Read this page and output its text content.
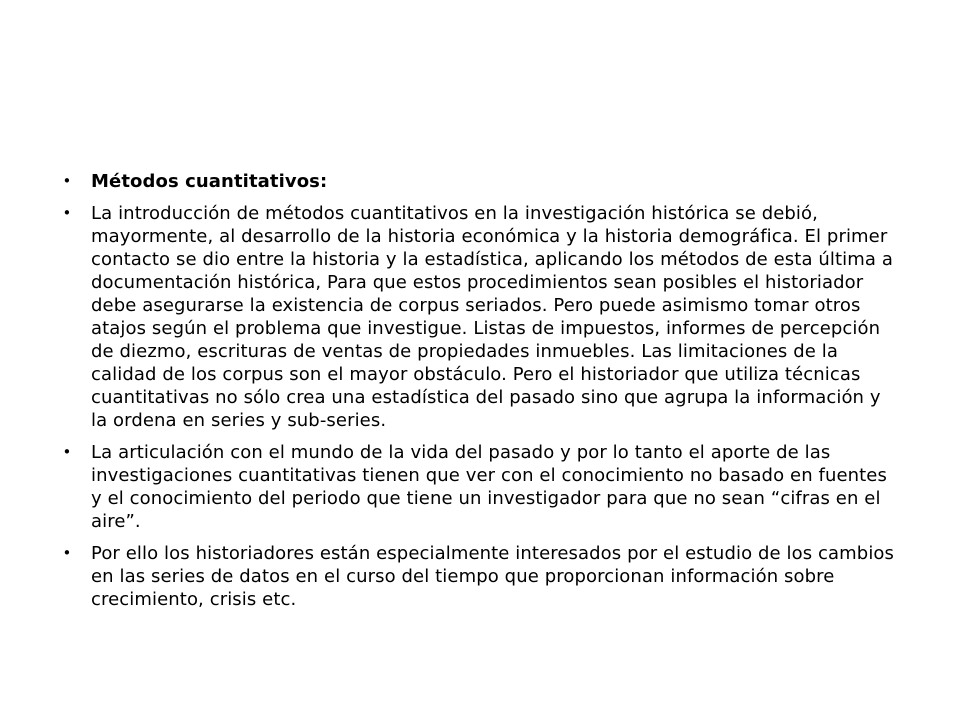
• Métodos cuantitativos:
• La introducción de métodos cuantitativos en la investigación histórica se debió, mayormente, al desarrollo de la historia económica y la historia demográfica. El primer contacto se dio entre la historia y la estadística, aplicando los métodos de esta última a documentación histórica, Para que estos procedimientos sean posibles el historiador debe asegurarse la existencia de corpus seriados. Pero puede asimismo tomar otros atajos según el problema que investigue. Listas de impuestos, informes de percepción de diezmo, escrituras de ventas de propiedades inmuebles. Las limitaciones de la calidad de los corpus son el mayor obstáculo. Pero el historiador que utiliza técnicas cuantitativas no sólo crea una estadística del pasado sino que agrupa la información y la ordena en series y sub-series.
• La articulación con el mundo de la vida del pasado y por lo tanto el aporte de las investigaciones cuantitativas tienen que ver con el conocimiento no basado en fuentes y el conocimiento del periodo que tiene un investigador para que no sean “cifras en el aire”.
• Por ello los historiadores están especialmente interesados por el estudio de los cambios en las series de datos en el curso del tiempo que proporcionan información sobre crecimiento, crisis etc.
